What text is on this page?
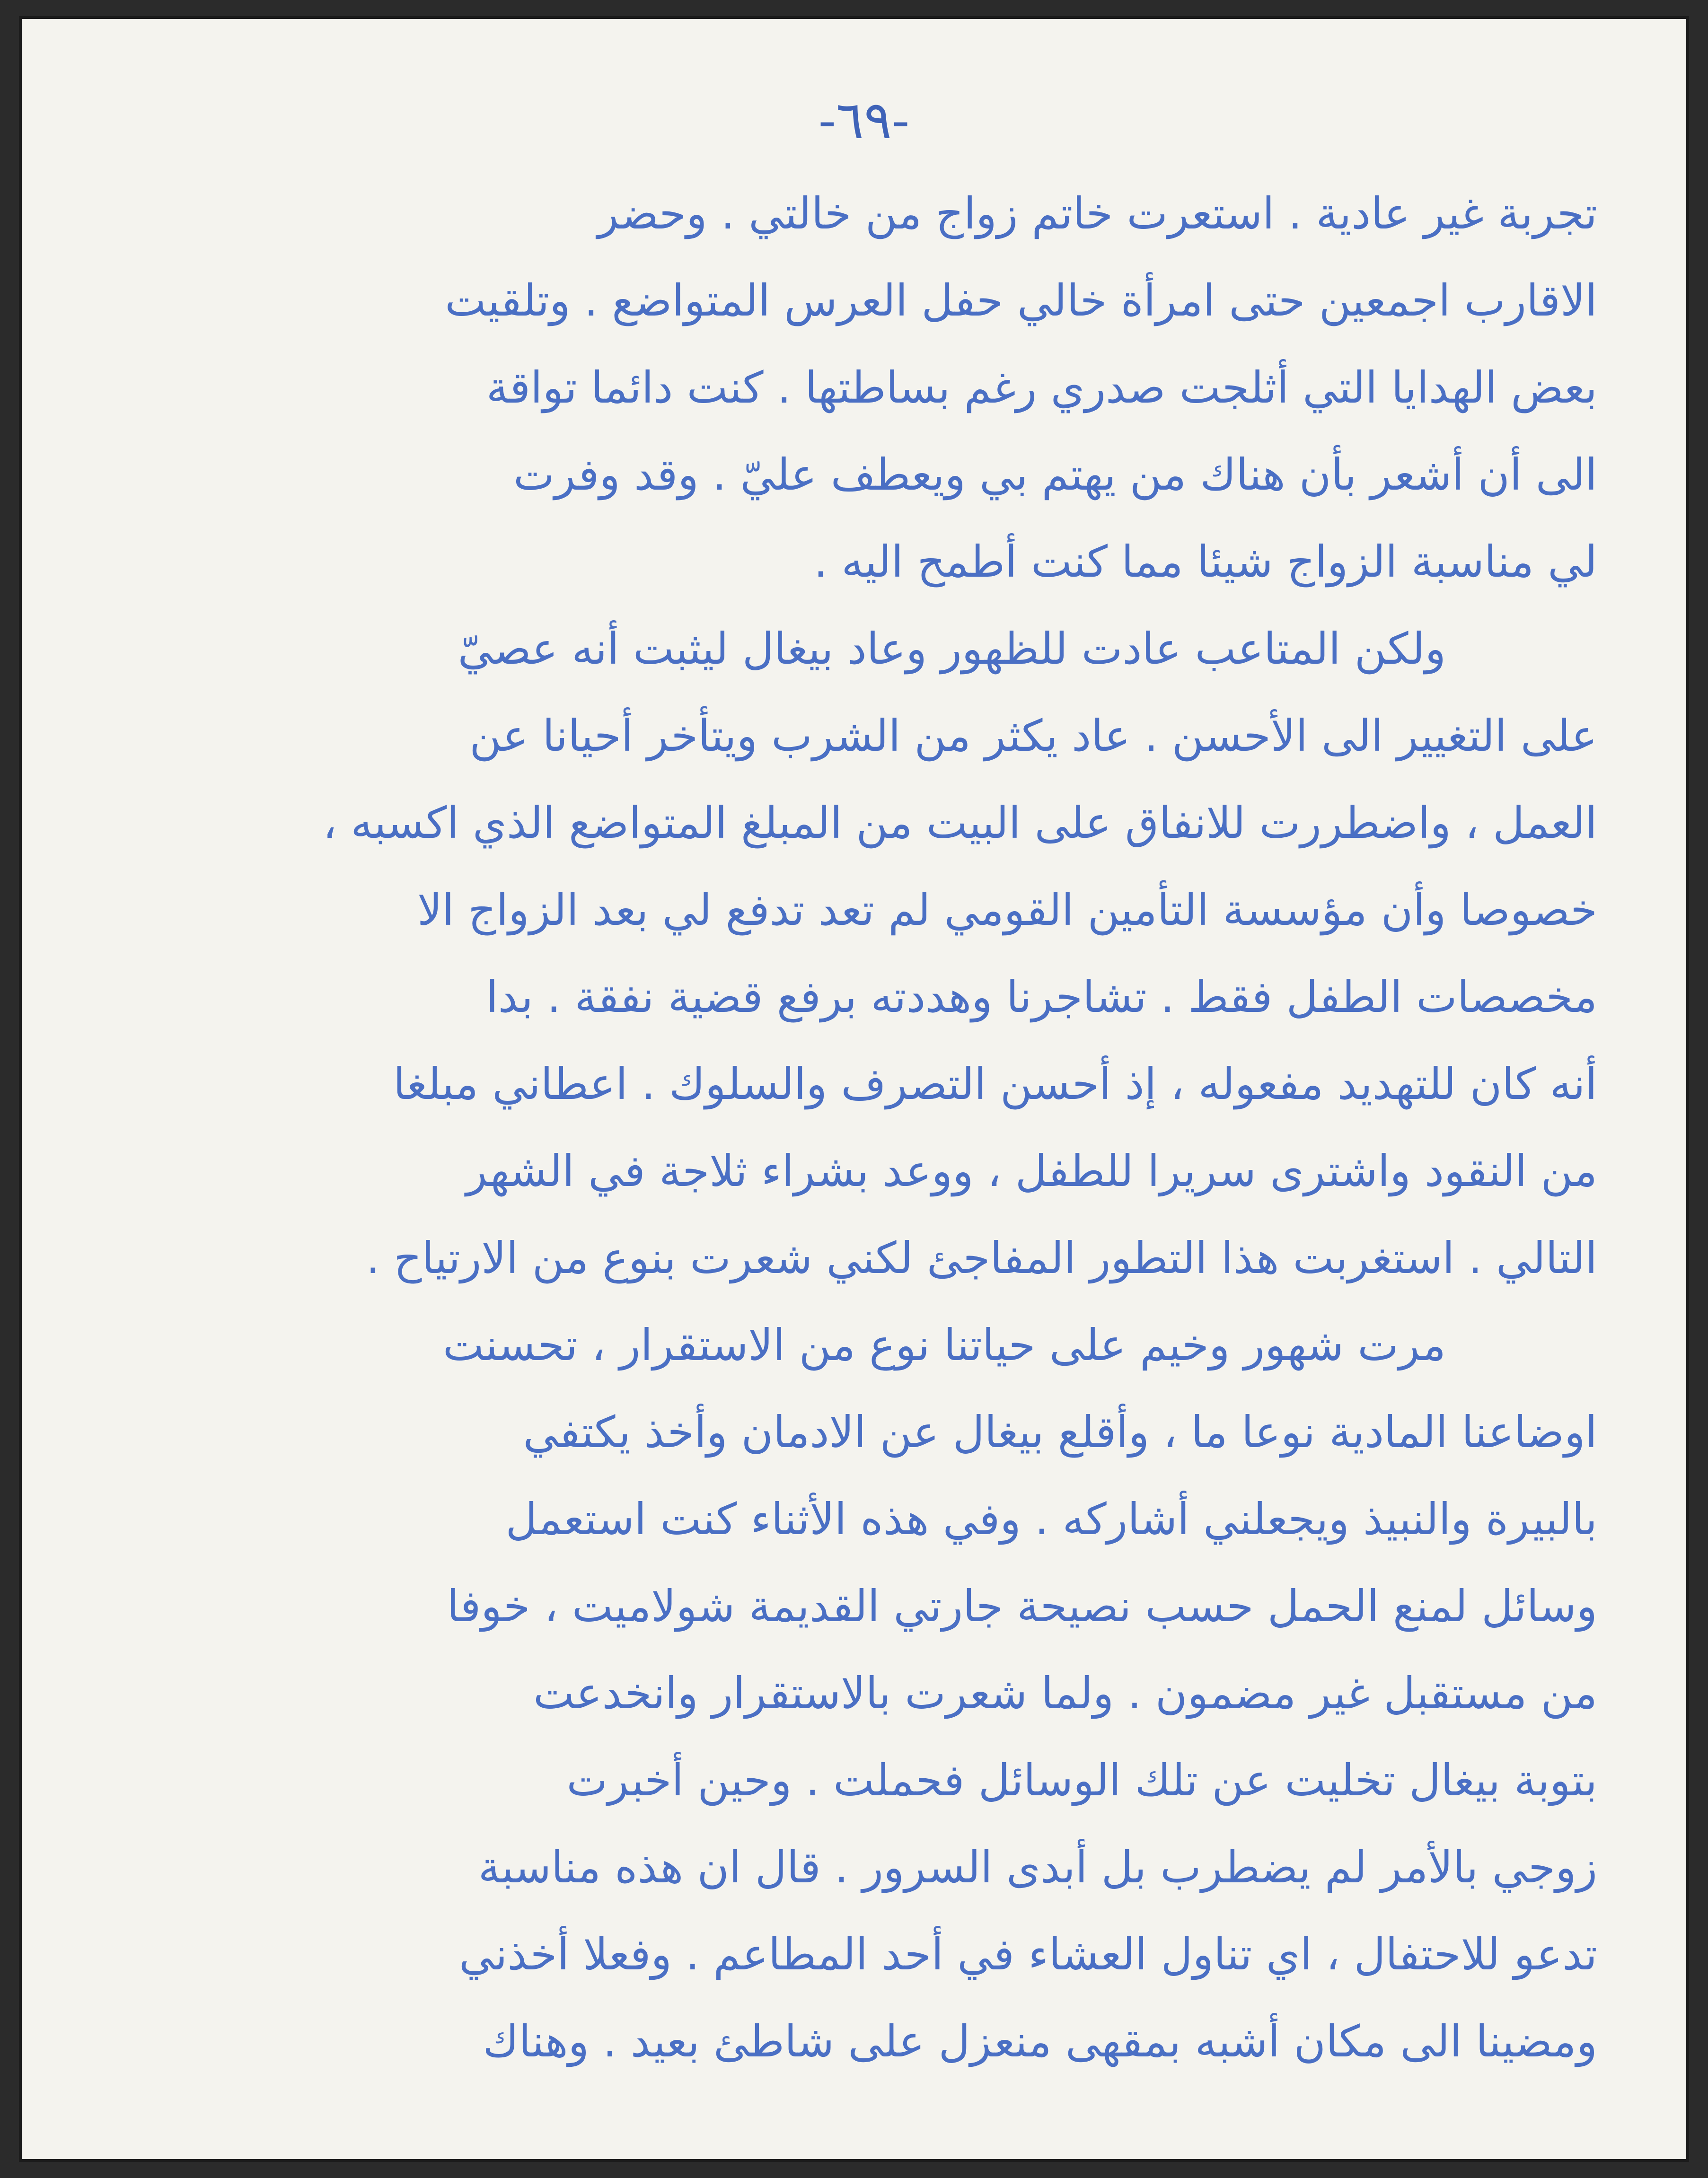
-٦٩-
تجربة غير عادية . استعرت خاتم زواج من خالتي . وحضر
الاقارب اجمعين حتى امرأة خالي حفل العرس المتواضع . وتلقيت
بعض الهدايا التي أثلجت صدري رغم بساطتها . كنت دائما تواقة
الى أن أشعر بأن هناك من يهتم بي ويعطف عليّ . وقد وفرت
لي مناسبة الزواج شيئا مما كنت أطمح اليه .
ولكن المتاعب عادت للظهور وعاد بيغال ليثبت أنه عصيّ
على التغيير الى الأحسن . عاد يكثر من الشرب ويتأخر أحيانا عن
العمل ، واضطررت للانفاق على البيت من المبلغ المتواضع الذي اكسبه ،
خصوصا وأن مؤسسة التأمين القومي لم تعد تدفع لي بعد الزواج الا
مخصصات الطفل فقط . تشاجرنا وهددته برفع قضية نفقة . بدا
أنه كان للتهديد مفعوله ، إذ أحسن التصرف والسلوك . اعطاني مبلغا
من النقود واشترى سريرا للطفل ، ووعد بشراء ثلاجة في الشهر
التالي . استغربت هذا التطور المفاجئ لكني شعرت بنوع من الارتياح .
مرت شهور وخيم على حياتنا نوع من الاستقرار ، تحسنت
اوضاعنا المادية نوعا ما ، وأقلع بيغال عن الادمان وأخذ يكتفي
بالبيرة والنبيذ ويجعلني أشاركه . وفي هذه الأثناء كنت استعمل
وسائل لمنع الحمل حسب نصيحة جارتي القديمة شولاميت ، خوفا
من مستقبل غير مضمون . ولما شعرت بالاستقرار وانخدعت
بتوبة بيغال تخليت عن تلك الوسائل فحملت . وحين أخبرت
زوجي بالأمر لم يضطرب بل أبدى السرور . قال ان هذه مناسبة
تدعو للاحتفال ، اي تناول العشاء في أحد المطاعم . وفعلا أخذني
ومضينا الى مكان أشبه بمقهى منعزل على شاطئ بعيد . وهناك
